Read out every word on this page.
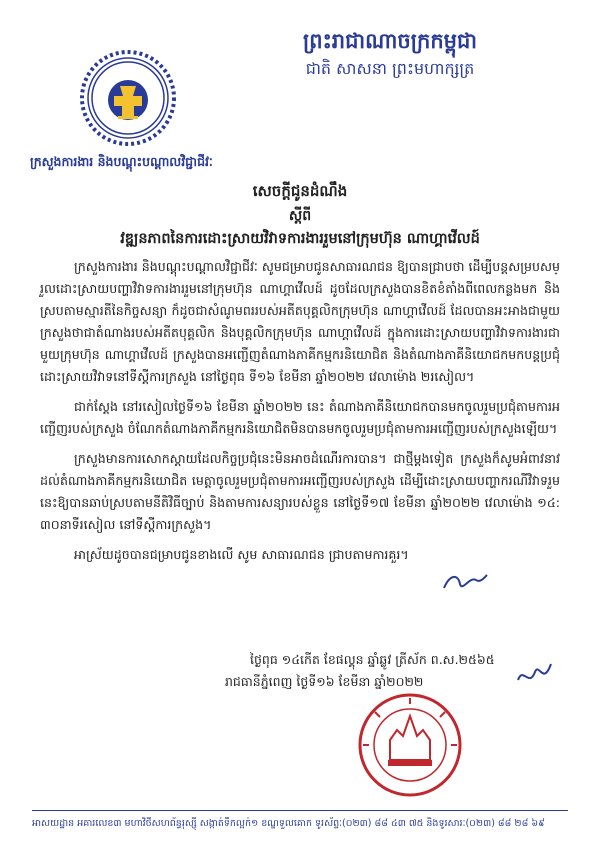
ព្រះរាជាណាចក្រកម្ពុជា
ជាតិ សាសនា ព្រះមហាក្សត្រ
ក្រសួងការងារ និងបណ្តុះបណ្តាលវិជ្ជាជីវៈ
សេចក្តីជូនដំណឹង
ស្តីពី
វឌ្ឍនភាពនៃការដោះស្រាយវិវាទការងាររួមនៅក្រុមហ៊ុន ណាហ្គាវើលដ៍

ក្រសួងការងារ និងបណ្តុះបណ្តាលវិជ្ជាជីវៈ សូមជម្រាបជូនសាធារណជន ឱ្យបានជ្រាបថា ដើម្បីបន្តសម្របសម្រួលដោះស្រាយបញ្ហាវិវាទការងាររួមនៅក្រុមហ៊ុន ណាហ្គាវើលដ៍ ដូចដែលក្រសួងបានខិតខំតាំងពីពេលកន្លងមក និងស្របតាមស្មារតីនៃកិច្ចសន្យា ក៏ដូចជាសំណូមពររបស់អតីតបុគ្គលិកក្រុមហ៊ុន ណាហ្គាវើលដ៍ ដែលបានអះអាងជាមួយក្រសួងថាជាតំណាងរបស់អតីតបុគ្គលិក និងបុគ្គលិកក្រុមហ៊ុន ណាហ្គាវើលដ៍ ក្នុងការដោះស្រាយបញ្ហាវិវាទការងារជាមួយក្រុមហ៊ុន ណាហ្គាវើលដ៍ ក្រសួងបានអញ្ជើញតំណាងភាគីកម្មករនិយោជិត និងតំណាងភាគីនិយោជកមកបន្តប្រជុំដោះស្រាយវិវាទនៅទីស្តីការក្រសួង នៅថ្ងៃពុធ ទី១៦ ខែមីនា ឆ្នាំ២០២២ វេលាម៉ោង ២រសៀល។

ជាក់ស្តែង នៅរសៀលថ្ងៃទី១៦ ខែមីនា ឆ្នាំ២០២២ នេះ តំណាងភាគីនិយោជកបានមកចូលរួមប្រជុំតាមការអញ្ជើញរបស់ក្រសួង ចំណែកតំណាងភាគីកម្មករនិយោជិតមិនបានមកចូលរួមប្រជុំតាមការអញ្ជើញរបស់ក្រសួងឡើយ។

ក្រសួងមានការសោកស្តាយដែលកិច្ចប្រជុំនេះមិនអាចដំណើរការបាន។ ជាថ្មីម្តងទៀត ក្រសួងក៏សូមអំពាវនាវដល់តំណាងភាគីកម្មករនិយោជិត មេត្តាចូលរួមប្រជុំតាមការអញ្ជើញរបស់ក្រសួង ដើម្បីដោះស្រាយបញ្ហាករណីវិវាទរួមនេះឱ្យបានឆាប់ស្របតាមនីតិវិធីច្បាប់ និងតាមការសន្យារបស់ខ្លួន នៅថ្ងៃទី១៧ ខែមីនា ឆ្នាំ២០២២ វេលាម៉ោង ១៤:៣០នាទីរសៀល នៅទីស្តីការក្រសួង។

អាស្រ័យដូចបានជម្រាបជូនខាងលើ សូម សាធារណជន ជ្រាបតាមការគួរ។

ថ្ងៃពុធ ១៤កើត ខែផល្គុន ឆ្នាំឆ្លូវ ត្រីស័ក ព.ស.២៥៦៥
រាជធានីភ្នំពេញ ថ្ងៃទី១៦ ខែមីនា ឆ្នាំ២០២២
អាសយដ្ឋាន អគារលេខ៣ មហាវិថីសហព័ន្ធរុស្ស៊ី សង្កាត់ទឹកល្អក់១ ខណ្ឌទួលគោក ទូរស័ព្ទៈ(០២៣) ៨៨ ៤៣ ៧៥ និងទូរសារៈ(០២៣) ៨៨ ២៨ ៦៩
